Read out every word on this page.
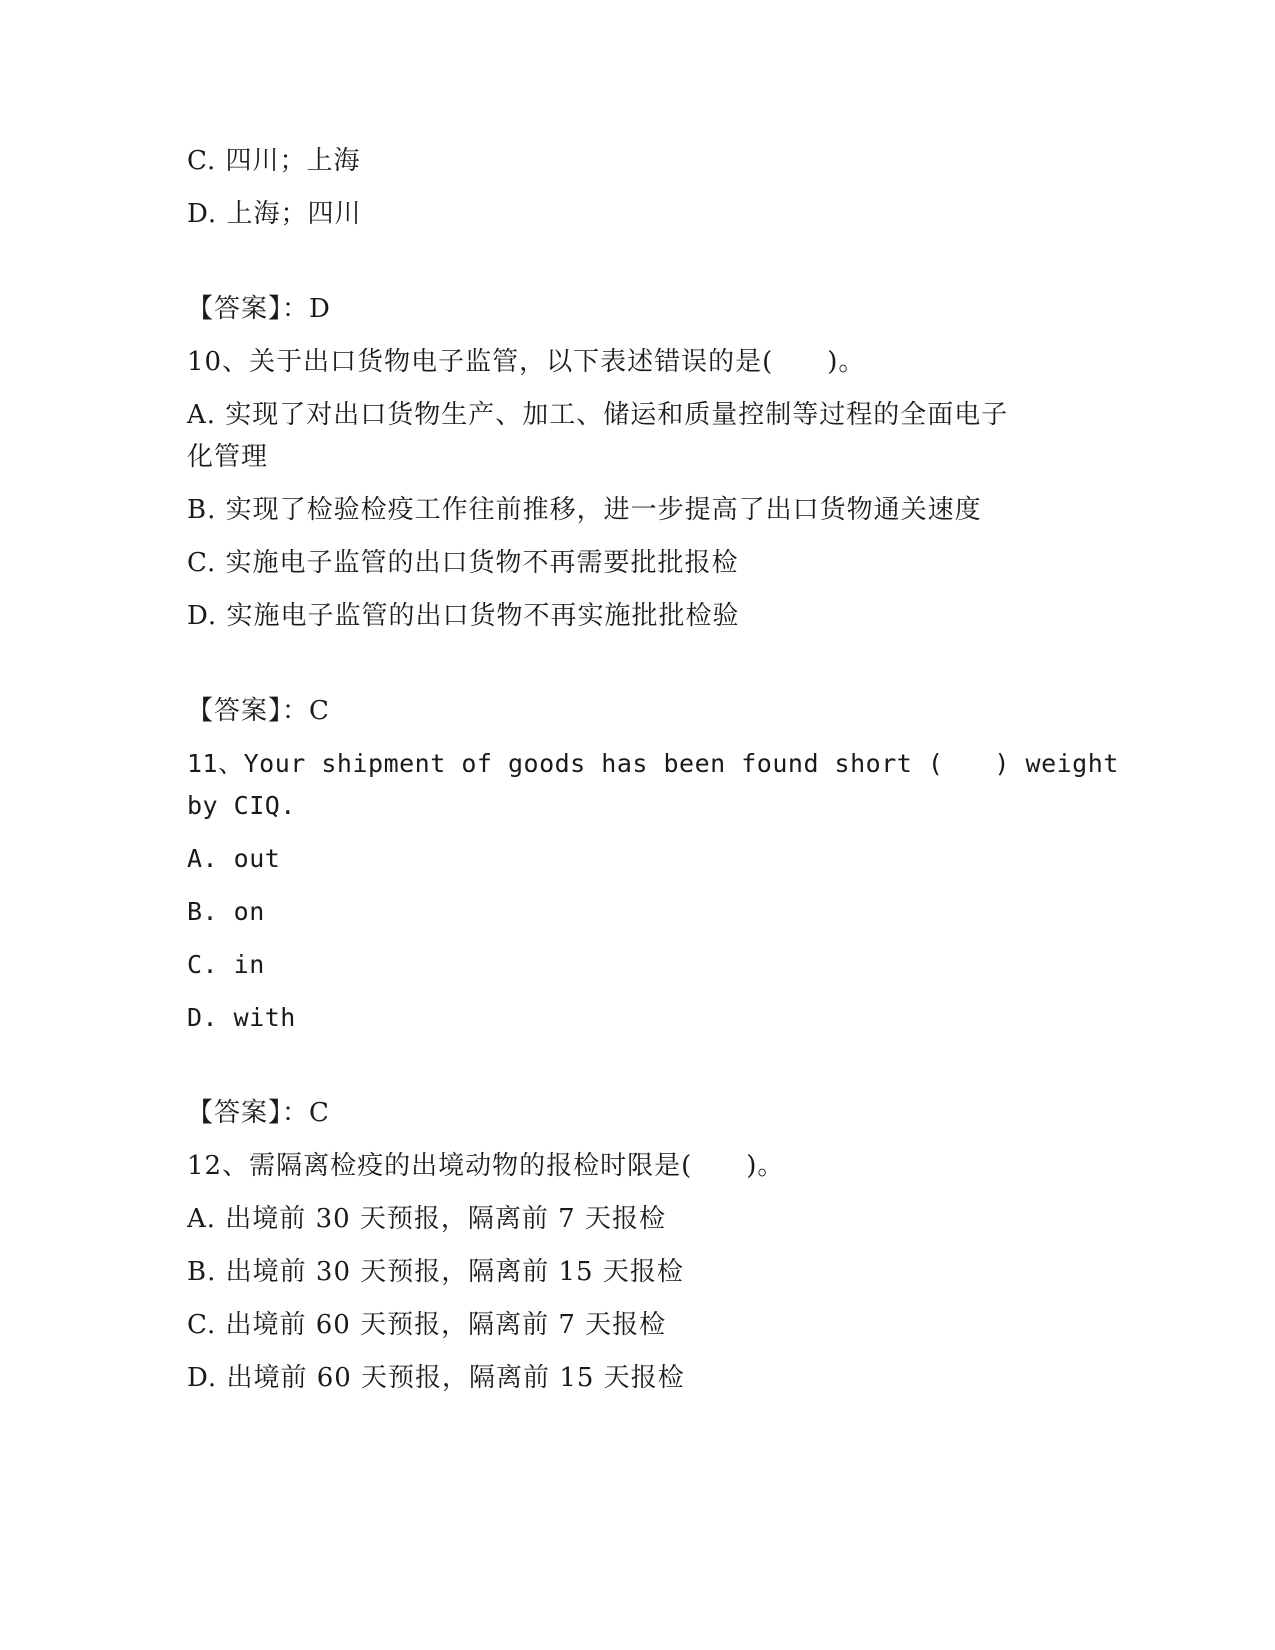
C. 四川；上海
D. 上海；四川
【答案】：D
10、关于出口货物电子监管，以下表述错误的是(　　)。
A. 实现了对出口货物生产、加工、储运和质量控制等过程的全面电子
化管理
B. 实现了检验检疫工作往前推移，进一步提高了出口货物通关速度
C. 实施电子监管的出口货物不再需要批批报检
D. 实施电子监管的出口货物不再实施批批检验
【答案】：C
11、Your shipment of goods has been found short (　　) weight
by CIQ.
A. out
B. on
C. in
D. with
【答案】：C
12、需隔离检疫的出境动物的报检时限是(　　)。
A. 出境前 30 天预报，隔离前 7 天报检
B. 出境前 30 天预报，隔离前 15 天报检
C. 出境前 60 天预报，隔离前 7 天报检
D. 出境前 60 天预报，隔离前 15 天报检
